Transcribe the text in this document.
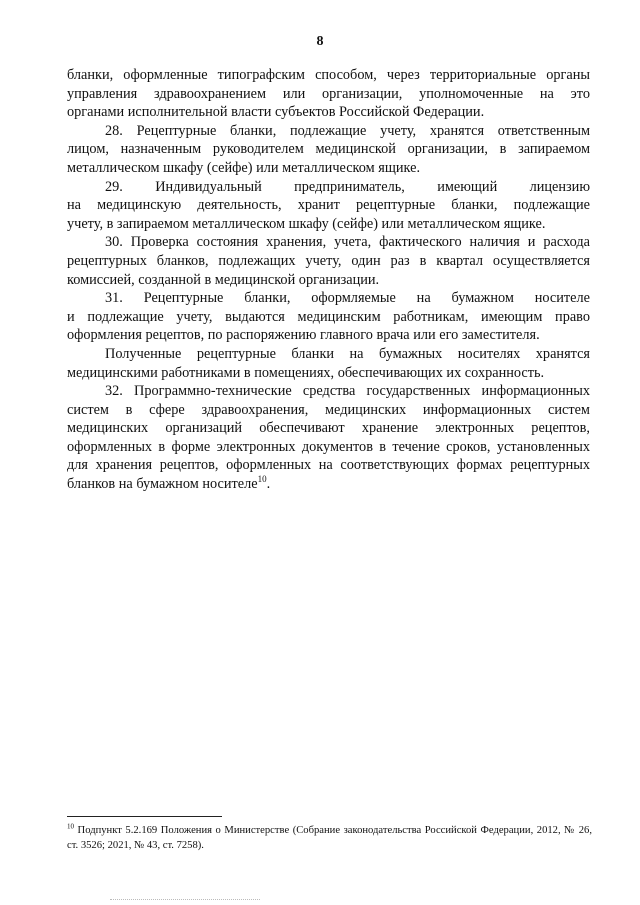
8

бланки, оформленные типографским способом, через территориальные органы
управления здравоохранением или организации, уполномоченные на это
органами исполнительной власти субъектов Российской Федерации.

28. Рецептурные бланки, подлежащие учету, хранятся ответственным
лицом, назначенным руководителем медицинской организации, в запираемом
металлическом шкафу (сейфе) или металлическом ящике.

29. Индивидуальный предприниматель, имеющий лицензию
на медицинскую деятельность, хранит рецептурные бланки, подлежащие
учету, в запираемом металлическом шкафу (сейфе) или металлическом ящике.

30. Проверка состояния хранения, учета, фактического наличия и расхода
рецептурных бланков, подлежащих учету, один раз в квартал осуществляется
комиссией, созданной в медицинской организации.

31. Рецептурные бланки, оформляемые на бумажном носителе
и подлежащие учету, выдаются медицинским работникам, имеющим право
оформления рецептов, по распоряжению главного врача или его заместителя.

Полученные рецептурные бланки на бумажных носителях хранятся
медицинскими работниками в помещениях, обеспечивающих их сохранность.

32. Программно-технические средства государственных информационных
систем в сфере здравоохранения, медицинских информационных систем
медицинских организаций обеспечивают хранение электронных рецептов,
оформленных в форме электронных документов в течение сроков, установленных
для хранения рецептов, оформленных на соответствующих формах рецептурных
бланков на бумажном носителе$^{10}$.

$^{10}$ Подпункт 5.2.169 Положения о Министерстве (Собрание законодательства Российской Федерации, 2012, № 26, ст. 3526; 2021, № 43, ст. 7258).
